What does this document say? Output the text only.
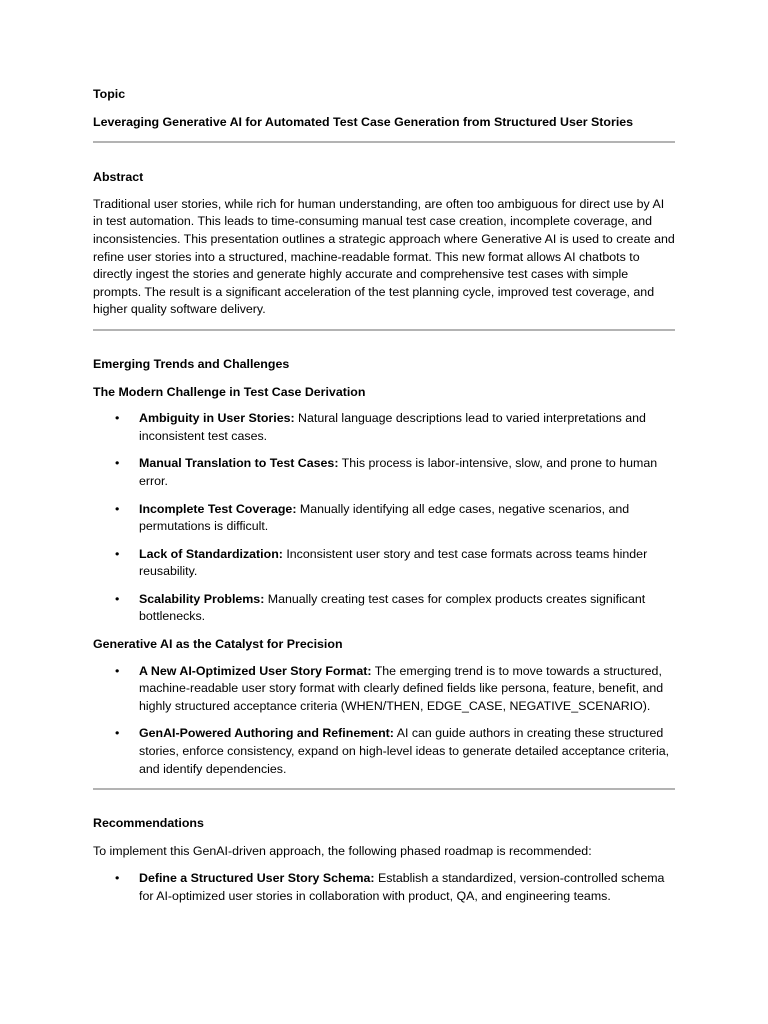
Topic

Leveraging Generative AI for Automated Test Case Generation from Structured User Stories

Abstract

Traditional user stories, while rich for human understanding, are often too ambiguous for direct use by AI in test automation. This leads to time-consuming manual test case creation, incomplete coverage, and inconsistencies. This presentation outlines a strategic approach where Generative AI is used to create and refine user stories into a structured, machine-readable format. This new format allows AI chatbots to directly ingest the stories and generate highly accurate and comprehensive test cases with simple prompts. The result is a significant acceleration of the test planning cycle, improved test coverage, and higher quality software delivery.

Emerging Trends and Challenges

The Modern Challenge in Test Case Derivation

• Ambiguity in User Stories: Natural language descriptions lead to varied interpretations and inconsistent test cases.
• Manual Translation to Test Cases: This process is labor-intensive, slow, and prone to human error.
• Incomplete Test Coverage: Manually identifying all edge cases, negative scenarios, and permutations is difficult.
• Lack of Standardization: Inconsistent user story and test case formats across teams hinder reusability.
• Scalability Problems: Manually creating test cases for complex products creates significant bottlenecks.

Generative AI as the Catalyst for Precision

• A New AI-Optimized User Story Format: The emerging trend is to move towards a structured, machine-readable user story format with clearly defined fields like persona, feature, benefit, and highly structured acceptance criteria (WHEN/THEN, EDGE_CASE, NEGATIVE_SCENARIO).
• GenAI-Powered Authoring and Refinement: AI can guide authors in creating these structured stories, enforce consistency, expand on high-level ideas to generate detailed acceptance criteria, and identify dependencies.

Recommendations

To implement this GenAI-driven approach, the following phased roadmap is recommended:

• Define a Structured User Story Schema: Establish a standardized, version-controlled schema for AI-optimized user stories in collaboration with product, QA, and engineering teams.
